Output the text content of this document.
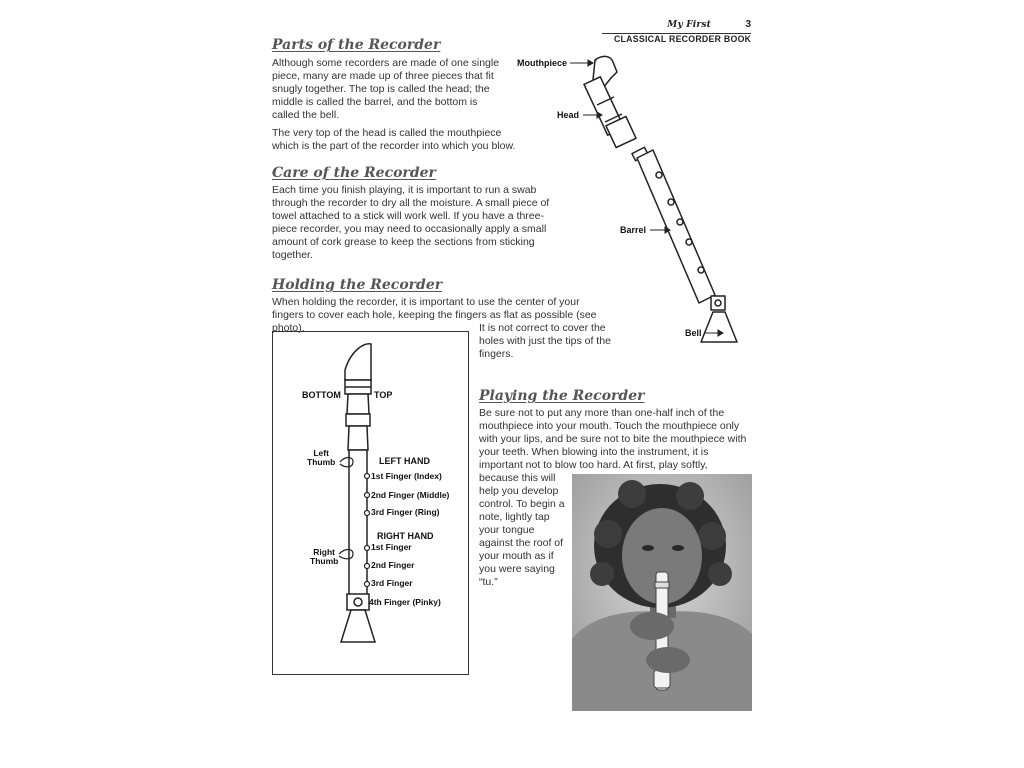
My First	3
CLASSICAL RECORDER BOOK
Parts of the Recorder

Although some recorders are made of one single piece, many are made up of three pieces that fit snugly together. The top is called the head; the middle is called the barrel, and the bottom is called the bell.

The very top of the head is called the mouthpiece which is the part of the recorder into which you blow.

Care of the Recorder

Each time you finish playing, it is important to run a swab through the recorder to dry all the moisture. A small piece of towel attached to a stick will work well. If you have a three-piece recorder, you may need to occasionally apply a small amount of cork grease to keep the sections from sticking together.

Holding the Recorder

When holding the recorder, it is important to use the center of your fingers to cover each hole, keeping the fingers as flat as possible (see photo).	It is not correct to cover the holes with just the tips of the fingers.

Playing the Recorder

Be sure not to put any more than one-half inch of the mouthpiece into your mouth. Touch the mouthpiece only with your lips, and be sure not to bite the mouthpiece with your teeth. When blowing into the instrument, it is important not to blow too hard. At first, play softly,

because this will help you develop control. To begin a note, lightly tap your tongue against the roof of your mouth as if you were saying “tu.”

Mouthpiece
Head
Barrel
Bell
BOTTOM	TOP
Left
Thumb	LEFT HAND
1st Finger (Index)
2nd Finger (Middle)
3rd Finger (Ring)
RIGHT HAND
Right
Thumb
1st Finger
2nd Finger
3rd Finger
4th Finger (Pinky)
